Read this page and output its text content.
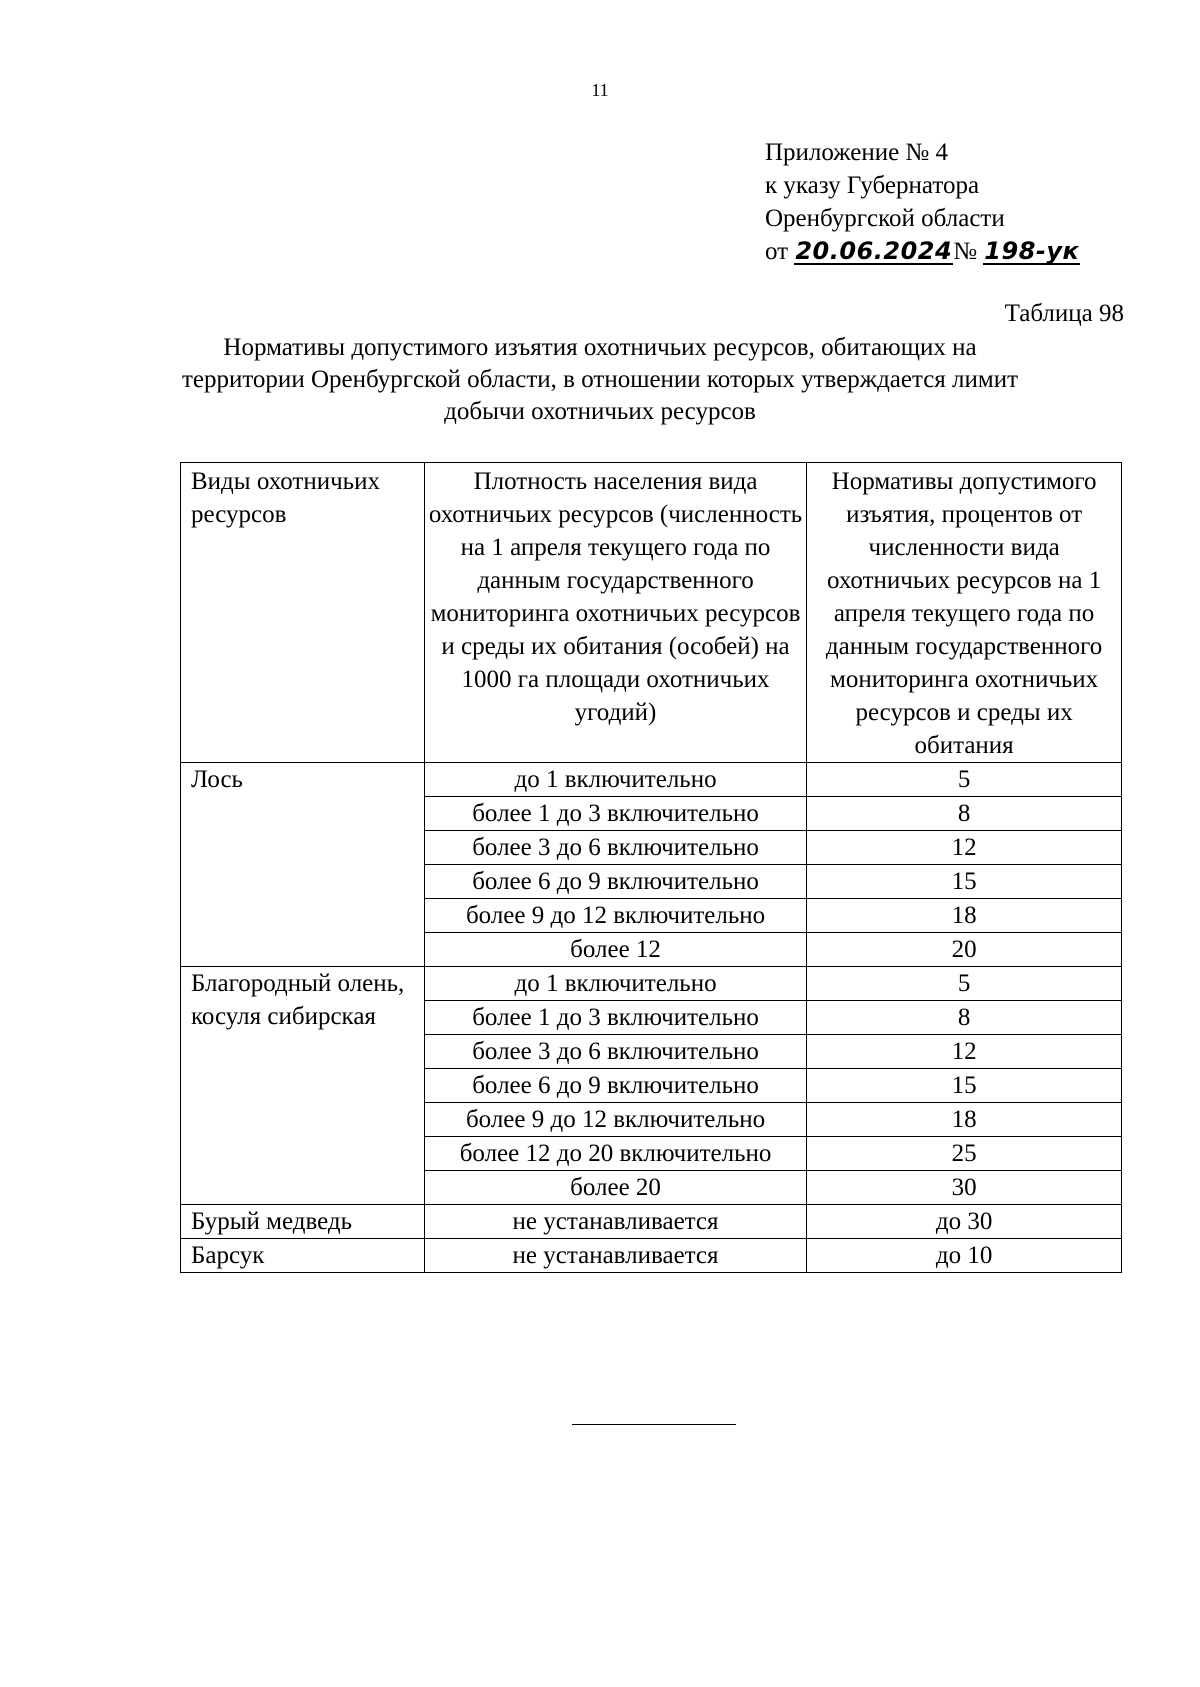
11
Приложение № 4
к указу Губернатора
Оренбургской области
от 20.06.2024№ 198-ук
Таблица 98
Нормативы допустимого изъятия охотничьих ресурсов, обитающих на территории Оренбургской области, в отношении которых утверждается лимит добычи охотничьих ресурсов
Виды охотничьих ресурсов	Плотность населения вида охотничьих ресурсов (численность на 1 апреля текущего года по данным государственного мониторинга охотничьих ресурсов и среды их обитания (особей) на 1000 га площади охотничьих угодий)	Нормативы допустимого изъятия, процентов от численности вида охотничьих ресурсов на 1 апреля текущего года по данным государственного мониторинга охотничьих ресурсов и среды их обитания
Лось	до 1 включительно	5
	более 1 до 3 включительно	8
	более 3 до 6 включительно	12
	более 6 до 9 включительно	15
	более 9 до 12 включительно	18
	более 12	20
Благородный олень, косуля сибирская	до 1 включительно	5
	более 1 до 3 включительно	8
	более 3 до 6 включительно	12
	более 6 до 9 включительно	15
	более 9 до 12 включительно	18
	более 12 до 20 включительно	25
	более 20	30
Бурый медведь	не устанавливается	до 30
Барсук	не устанавливается	до 10
